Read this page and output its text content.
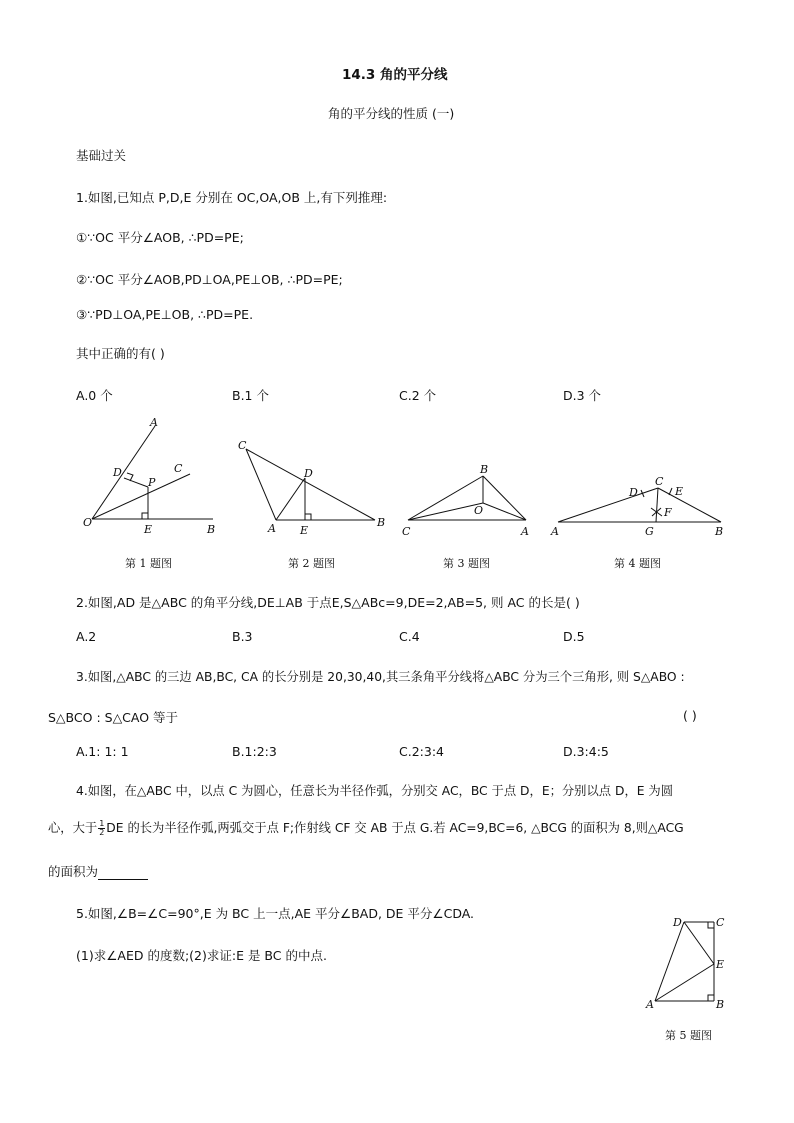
14.3 角的平分线
角的平分线的性质 (一)
基础过关
1.如图,已知点 P,D,E 分别在 OC,OA,OB 上,有下列推理:
①∵OC 平分∠AOB, ∴PD=PE;
②∵OC 平分∠AOB,PD⊥OA,PE⊥OB, ∴PD=PE;
③∵PD⊥OA,PE⊥OB, ∴PD=PE.
其中正确的有( )
A.0 个	B.1 个	C.2 个	D.3 个
A
D	C
P
O
E	B
C
D
A E
B
B
O
C	A
D
C
E
F
A	G	B
第 1 题图	第 2 题图	第 3 题图	第 4 题图
2.如图,AD 是△ABC 的角平分线,DE⊥AB 于点E,S△ABc=9,DE=2,AB=5, 则 AC 的长是( )
A.2	B.3	C.4	D.5
3.如图,△ABC 的三边 AB,BC, CA 的长分别是 20,30,40,其三条角平分线将△ABC 分为三个三角形, 则 S△ABO :
S△BCO : S△CAO 等于	( )
A.1: 1: 1	B.1:2:3	C.2:3:4	D.3:4:5
4.如图，在△ABC 中，以点 C 为圆心，任意长为半径作弧，分别交 AC，BC 于点 D，E；分别以点 D，E 为圆
心，大于 $\frac{1}{2}$ DE 的长为半径作弧,两弧交于点 F;作射线 CF 交 AB 于点 G.若 AC=9,BC=6, △BCG 的面积为 8,则△ACG
的面积为
5.如图,∠B=∠C=90°,E 为 BC 上一点,AE 平分∠BAD, DE 平分∠CDA.
(1)求∠AED 的度数;(2)求证:E 是 BC 的中点.
D	C
E
A	B
第 5 题图
